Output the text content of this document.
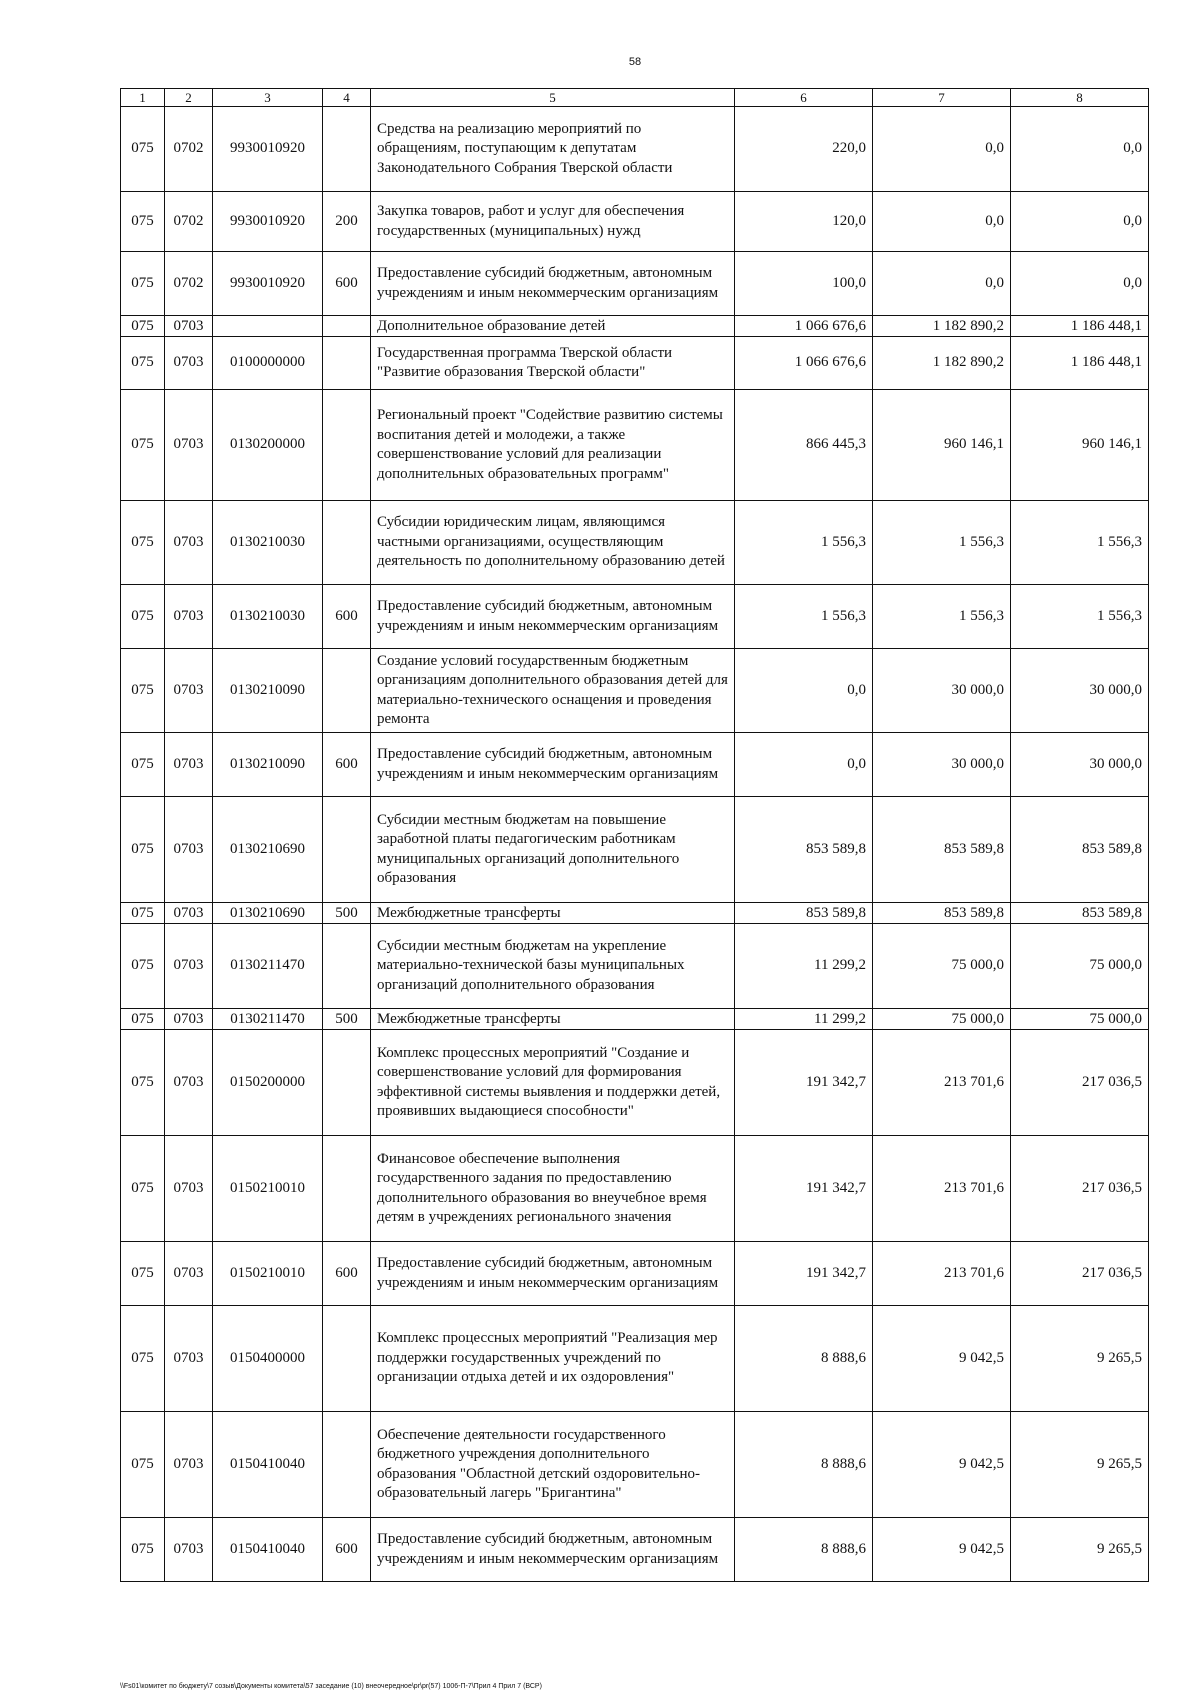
58
1	2	3	4	5	6	7	8
075	0702	9930010920		Средства на реализацию мероприятий по обращениям, поступающим к депутатам Законодательного Собрания Тверской области	220,0	0,0	0,0
075	0702	9930010920	200	Закупка товаров, работ и услуг для обеспечения государственных (муниципальных) нужд	120,0	0,0	0,0
075	0702	9930010920	600	Предоставление субсидий бюджетным, автономным учреждениям и иным некоммерческим организациям	100,0	0,0	0,0
075	0703			Дополнительное образование детей	1 066 676,6	1 182 890,2	1 186 448,1
075	0703	0100000000		Государственная программа Тверской области "Развитие образования Тверской области"	1 066 676,6	1 182 890,2	1 186 448,1
075	0703	0130200000		Региональный проект "Содействие развитию системы воспитания детей и молодежи, а также совершенствование условий для реализации дополнительных образовательных программ"	866 445,3	960 146,1	960 146,1
075	0703	0130210030		Субсидии юридическим лицам, являющимся частными организациями, осуществляющим деятельность по дополнительному образованию детей	1 556,3	1 556,3	1 556,3
075	0703	0130210030	600	Предоставление субсидий бюджетным, автономным учреждениям и иным некоммерческим организациям	1 556,3	1 556,3	1 556,3
075	0703	0130210090		Создание условий государственным бюджетным организациям дополнительного образования детей для материально-технического оснащения и проведения ремонта	0,0	30 000,0	30 000,0
075	0703	0130210090	600	Предоставление субсидий бюджетным, автономным учреждениям и иным некоммерческим организациям	0,0	30 000,0	30 000,0
075	0703	0130210690		Субсидии местным бюджетам на повышение заработной платы педагогическим работникам муниципальных организаций дополнительного образования	853 589,8	853 589,8	853 589,8
075	0703	0130210690	500	Межбюджетные трансферты	853 589,8	853 589,8	853 589,8
075	0703	0130211470		Субсидии местным бюджетам на укрепление материально-технической базы муниципальных организаций дополнительного образования	11 299,2	75 000,0	75 000,0
075	0703	0130211470	500	Межбюджетные трансферты	11 299,2	75 000,0	75 000,0
075	0703	0150200000		Комплекс процессных мероприятий "Создание и совершенствование условий для формирования эффективной системы выявления и поддержки детей, проявивших выдающиеся способности"	191 342,7	213 701,6	217 036,5
075	0703	0150210010		Финансовое обеспечение выполнения государственного задания по предоставлению дополнительного образования во внеучебное время детям в учреждениях регионального значения	191 342,7	213 701,6	217 036,5
075	0703	0150210010	600	Предоставление субсидий бюджетным, автономным учреждениям и иным некоммерческим организациям	191 342,7	213 701,6	217 036,5
075	0703	0150400000		Комплекс процессных мероприятий "Реализация мер поддержки государственных учреждений по организации отдыха детей и их оздоровления"	8 888,6	9 042,5	9 265,5
075	0703	0150410040		Обеспечение деятельности государственного бюджетного учреждения дополнительного образования "Областной детский оздоровительно-образовательный лагерь "Бригантина"	8 888,6	9 042,5	9 265,5
075	0703	0150410040	600	Предоставление субсидий бюджетным, автономным учреждениям и иным некоммерческим организациям	8 888,6	9 042,5	9 265,5
\\Fs01\комитет по бюджету\7 созыв\Документы комитета\57 заседание (10) внеочередное\pr\pr(57) 1006-П-7\Прил 4 Прил 7 (ВСР)
